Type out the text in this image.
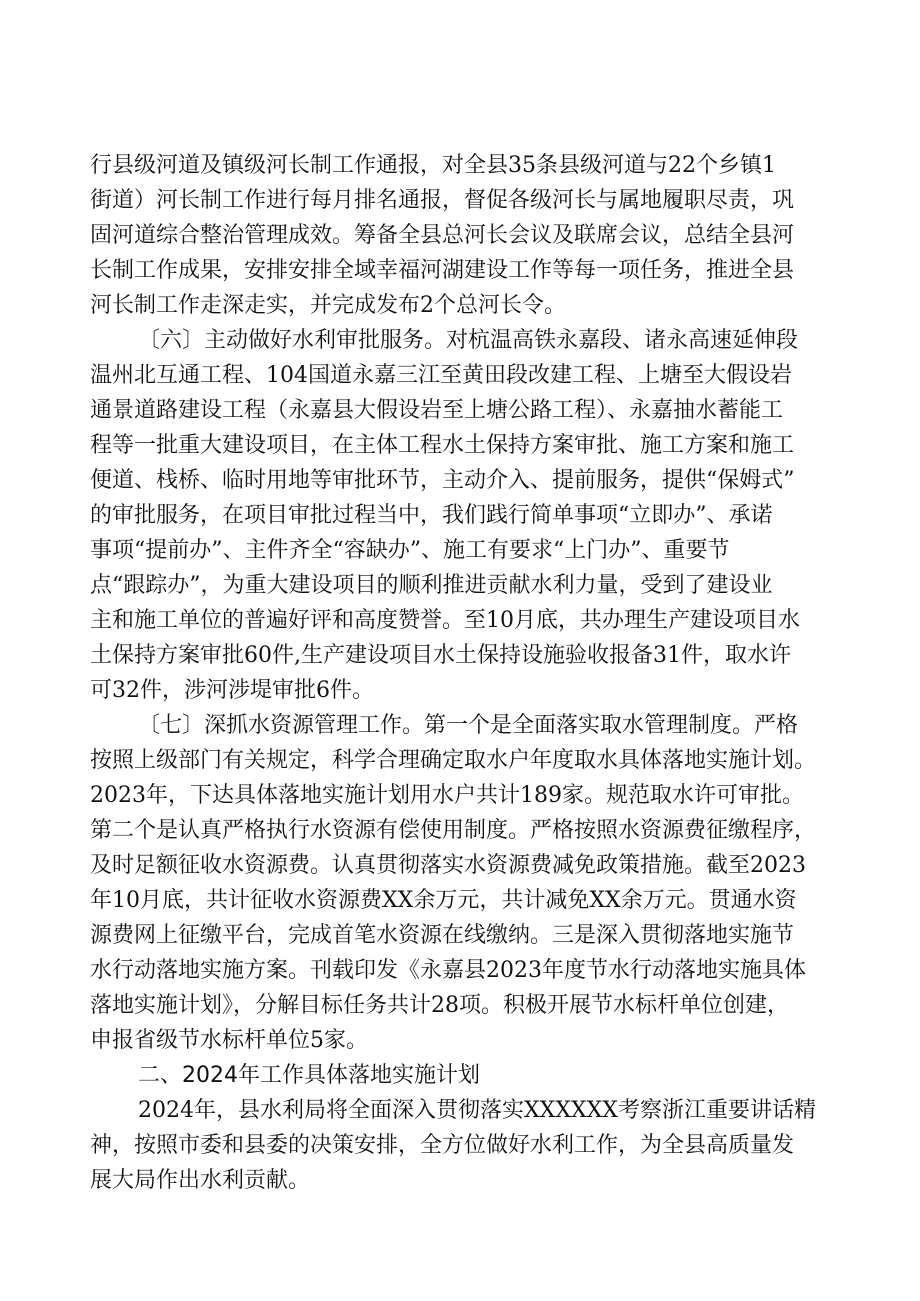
行县级河道及镇级河长制工作通报，对全县35条县级河道与22个乡镇1
街道）河长制工作进行每月排名通报，督促各级河长与属地履职尽责，巩
固河道综合整治管理成效。筹备全县总河长会议及联席会议，总结全县河
长制工作成果，安排安排全域幸福河湖建设工作等每一项任务，推进全县
河长制工作走深走实，并完成发布2个总河长令。
〔六〕主动做好水利审批服务。对杭温高铁永嘉段、诸永高速延伸段
温州北互通工程、104国道永嘉三江至黄田段改建工程、上塘至大假设岩
通景道路建设工程（永嘉县大假设岩至上塘公路工程）、永嘉抽水蓄能工
程等一批重大建设项目，在主体工程水土保持方案审批、施工方案和施工
便道、栈桥、临时用地等审批环节，主动介入、提前服务，提供“保姆式”
的审批服务，在项目审批过程当中，我们践行简单事项“立即办”、承诺
事项“提前办”、主件齐全“容缺办”、施工有要求“上门办”、重要节
点“跟踪办”，为重大建设项目的顺利推进贡献水利力量，受到了建设业
主和施工单位的普遍好评和高度赞誉。至10月底，共办理生产建设项目水
土保持方案审批60件,生产建设项目水土保持设施验收报备31件，取水许
可32件，涉河涉堤审批6件。
〔七〕深抓水资源管理工作。第一个是全面落实取水管理制度。严格
按照上级部门有关规定，科学合理确定取水户年度取水具体落地实施计划。
2023年，下达具体落地实施计划用水户共计189家。规范取水许可审批。
第二个是认真严格执行水资源有偿使用制度。严格按照水资源费征缴程序，
及时足额征收水资源费。认真贯彻落实水资源费减免政策措施。截至2023
年10月底，共计征收水资源费XX余万元，共计减免XX余万元。贯通水资
源费网上征缴平台，完成首笔水资源在线缴纳。三是深入贯彻落地实施节
水行动落地实施方案。刊载印发《永嘉县2023年度节水行动落地实施具体
落地实施计划》，分解目标任务共计28项。积极开展节水标杆单位创建，
申报省级节水标杆单位5家。
二、2024年工作具体落地实施计划
2024年，县水利局将全面深入贯彻落实XXXXXX考察浙江重要讲话精
神，按照市委和县委的决策安排，全方位做好水利工作，为全县高质量发
展大局作出水利贡献。
